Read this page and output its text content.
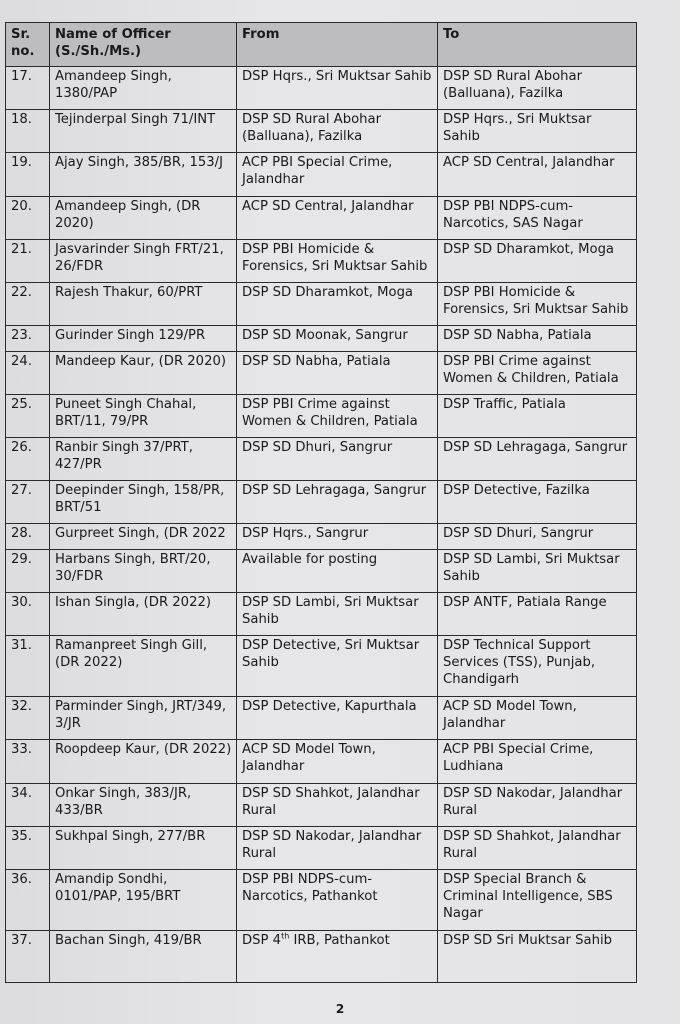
Sr. no.	Name of Officer (S./Sh./Ms.)	From	To
17.	Amandeep Singh, 1380/PAP	DSP Hqrs., Sri Muktsar Sahib	DSP SD Rural Abohar (Balluana), Fazilka
18.	Tejinderpal Singh 71/INT	DSP SD Rural Abohar (Balluana), Fazilka	DSP Hqrs., Sri Muktsar Sahib
19.	Ajay Singh, 385/BR, 153/J	ACP PBI Special Crime, Jalandhar	ACP SD Central, Jalandhar
20.	Amandeep Singh, (DR 2020)	ACP SD Central, Jalandhar	DSP PBI NDPS-cum-Narcotics, SAS Nagar
21.	Jasvarinder Singh FRT/21, 26/FDR	DSP PBI Homicide & Forensics, Sri Muktsar Sahib	DSP SD Dharamkot, Moga
22.	Rajesh Thakur, 60/PRT	DSP SD Dharamkot, Moga	DSP PBI Homicide & Forensics, Sri Muktsar Sahib
23.	Gurinder Singh 129/PR	DSP SD Moonak, Sangrur	DSP SD Nabha, Patiala
24.	Mandeep Kaur, (DR 2020)	DSP SD Nabha, Patiala	DSP PBI Crime against Women & Children, Patiala
25.	Puneet Singh Chahal, BRT/11, 79/PR	DSP PBI Crime against Women & Children, Patiala	DSP Traffic, Patiala
26.	Ranbir Singh 37/PRT, 427/PR	DSP SD Dhuri, Sangrur	DSP SD Lehragaga, Sangrur
27.	Deepinder Singh, 158/PR, BRT/51	DSP SD Lehragaga, Sangrur	DSP Detective, Fazilka
28.	Gurpreet Singh, (DR 2022	DSP Hqrs., Sangrur	DSP SD Dhuri, Sangrur
29.	Harbans Singh, BRT/20, 30/FDR	Available for posting	DSP SD Lambi, Sri Muktsar Sahib
30.	Ishan Singla, (DR 2022)	DSP SD Lambi, Sri Muktsar Sahib	DSP ANTF, Patiala Range
31.	Ramanpreet Singh Gill, (DR 2022)	DSP Detective, Sri Muktsar Sahib	DSP Technical Support Services (TSS), Punjab, Chandigarh
32.	Parminder Singh, JRT/349, 3/JR	DSP Detective, Kapurthala	ACP SD Model Town, Jalandhar
33.	Roopdeep Kaur, (DR 2022)	ACP SD Model Town, Jalandhar	ACP PBI Special Crime, Ludhiana
34.	Onkar Singh, 383/JR, 433/BR	DSP SD Shahkot, Jalandhar Rural	DSP SD Nakodar, Jalandhar Rural
35.	Sukhpal Singh, 277/BR	DSP SD Nakodar, Jalandhar Rural	DSP SD Shahkot, Jalandhar Rural
36.	Amandip Sondhi, 0101/PAP, 195/BRT	DSP PBI NDPS-cum-Narcotics, Pathankot	DSP Special Branch & Criminal Intelligence, SBS Nagar
37.	Bachan Singh, 419/BR	DSP 4th IRB, Pathankot	DSP SD Sri Muktsar Sahib
2
